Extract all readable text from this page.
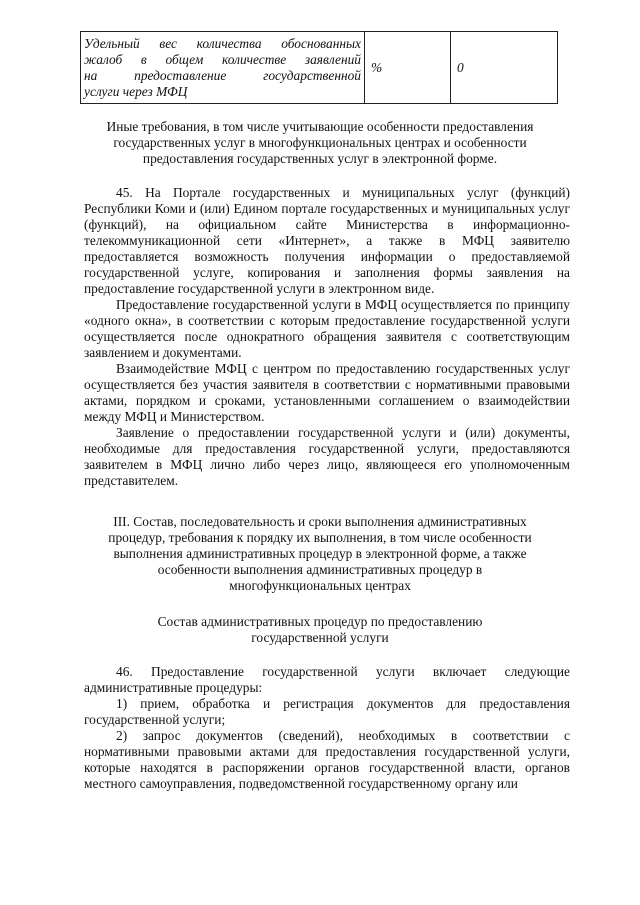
Удельный вес количества обоснованных
жалоб в общем количестве заявлений
на предоставление государственной
услуги через МФЦ
	%	0
Иные требования, в том числе учитывающие особенности предоставления
государственных услуг в многофункциональных центрах и особенности
предоставления государственных услуг в электронной форме.

45. На Портале государственных и муниципальных услуг (функций) Республики Коми и (или) Едином портале государственных и муниципальных услуг (функций), на официальном сайте Министерства в информационно-телекоммуникационной сети «Интернет», а также в МФЦ заявителю предоставляется возможность получения информации о предоставляемой государственной услуге, копирования и заполнения формы заявления на предоставление государственной услуги в электронном виде.

Предоставление государственной услуги в МФЦ осуществляется по принципу «одного окна», в соответствии с которым предоставление государственной услуги осуществляется после однократного обращения заявителя с соответствующим заявлением и документами.

Взаимодействие МФЦ с центром по предоставлению государственных услуг осуществляется без участия заявителя в соответствии с нормативными правовыми актами, порядком и сроками, установленными соглашением о взаимодействии между МФЦ и Министерством.

Заявление о предоставлении государственной услуги и (или) документы, необходимые для предоставления государственной услуги, предоставляются заявителем в МФЦ лично либо через лицо, являющееся его уполномоченным представителем.

III. Состав, последовательность и сроки выполнения административных
процедур, требования к порядку их выполнения, в том числе особенности
выполнения административных процедур в электронной форме, а также
особенности выполнения административных процедур в
многофункциональных центрах
Состав административных процедур по предоставлению
государственной услуги

46. Предоставление государственной услуги включает следующие административные процедуры:

1) прием, обработка и регистрация документов для предоставления государственной услуги;

2) запрос документов (сведений), необходимых в соответствии с нормативными правовыми актами для предоставления государственной услуги, которые находятся в распоряжении органов государственной власти, органов местного самоуправления, подведомственной государственному органу или
